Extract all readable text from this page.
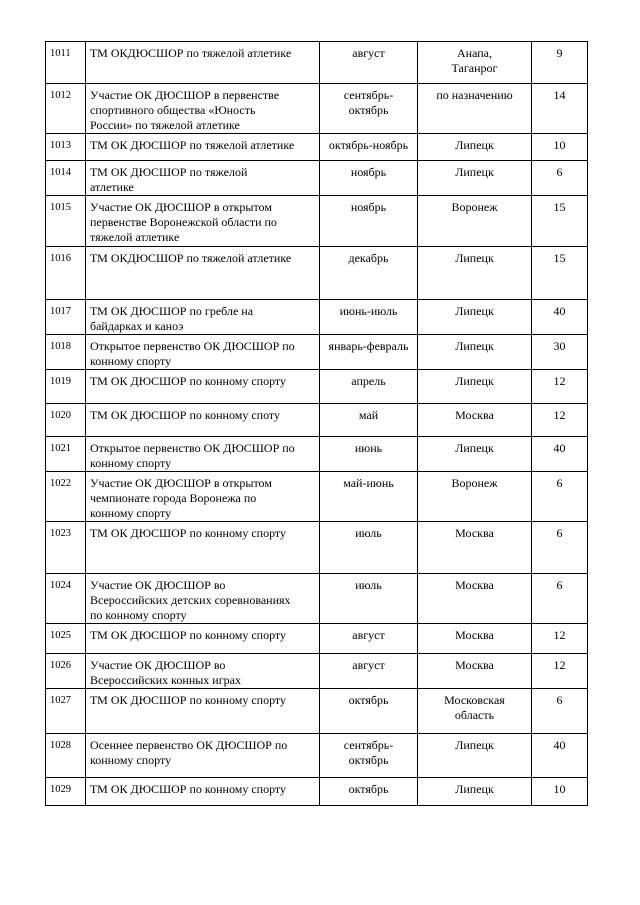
1011	ТМ ОКДЮСШОР по тяжелой атлетике	август	Анапа,
Таганрог	9

1012	Участие ОК ДЮСШОР в первенстве
спортивного общества «Юность
России» по тяжелой атлетике	сентябрь-
октябрь	по назначению	14

1013	ТМ ОК ДЮСШОР по тяжелой атлетике	октябрь-ноябрь	Липецк	10

1014	ТМ ОК ДЮСШОР по тяжелой
атлетике	ноябрь	Липецк	6

1015	Участие ОК ДЮСШОР в открытом
первенстве Воронежской области по
тяжелой атлетике	ноябрь	Воронеж	15

1016	ТМ ОКДЮСШОР по тяжелой атлетике	декабрь	Липецк	15

1017	ТМ ОК ДЮСШОР по гребле на
байдарках и каноэ	июнь-июль	Липецк	40

1018	Открытое первенство ОК ДЮСШОР по
конному спорту	январь-февраль	Липецк	30

1019	ТМ ОК ДЮСШОР по конному спорту	апрель	Липецк	12

1020	ТМ ОК ДЮСШОР по конному споту	май	Москва	12

1021	Открытое первенство ОК ДЮСШОР по
конному спорту	июнь	Липецк	40

1022	Участие ОК ДЮСШОР в открытом
чемпионате города Воронежа по
конному спорту	май-июнь	Воронеж	6

1023	ТМ ОК ДЮСШОР по конному спорту	июль	Москва	6

1024	Участие ОК ДЮСШОР во
Всероссийских детских соревнованиях
по конному спорту	июль	Москва	6

1025	ТМ ОК ДЮСШОР по конному спорту	август	Москва	12

1026	Участие ОК ДЮСШОР во
Всероссийских конных играх	август	Москва	12

1027	ТМ ОК ДЮСШОР по конному спорту	октябрь	Московская
область	6

1028	Осеннее первенство ОК ДЮСШОР по
конному спорту	сентябрь-
октябрь	Липецк	40

1029	ТМ ОК ДЮСШОР по конному спорту	октябрь	Липецк	10
